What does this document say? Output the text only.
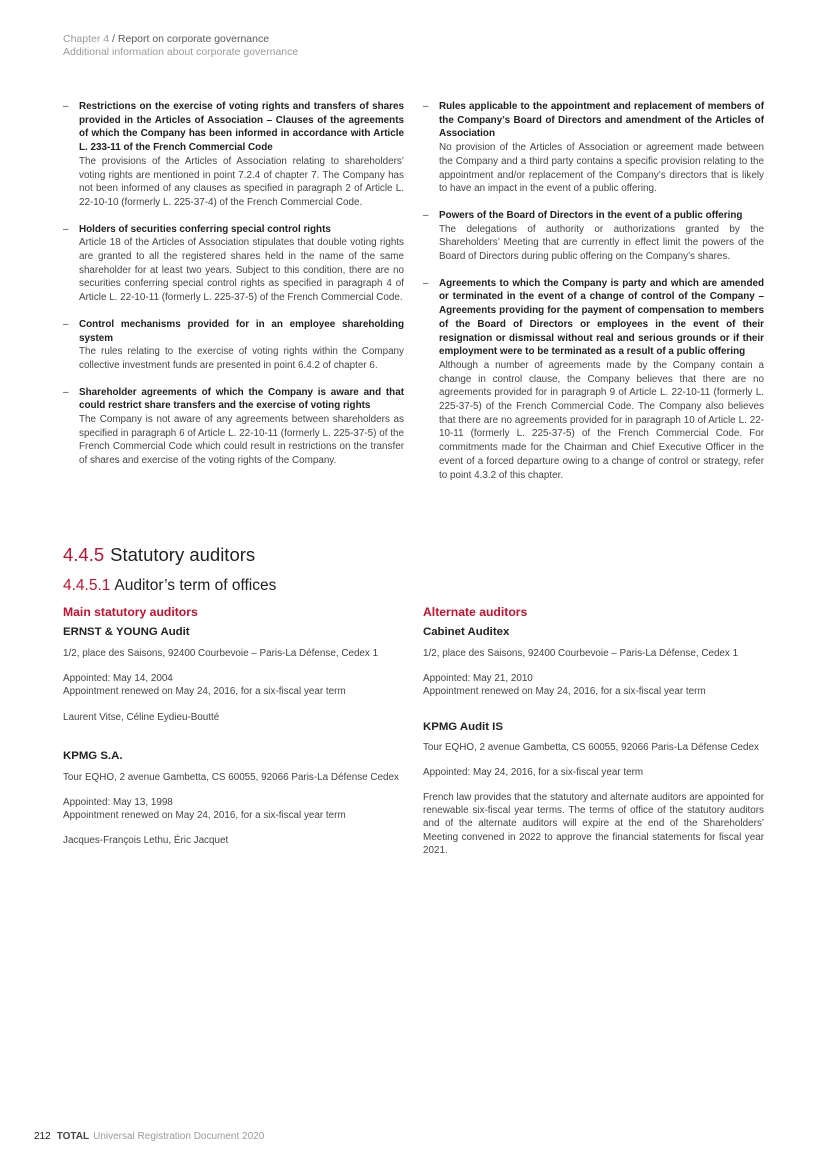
Chapter 4 / Report on corporate governance
Additional information about corporate governance
– Restrictions on the exercise of voting rights and transfers of shares provided in the Articles of Association – Clauses of the agreements of which the Company has been informed in accordance with Article L. 233-11 of the French Commercial Code
The provisions of the Articles of Association relating to shareholders’ voting rights are mentioned in point 7.2.4 of chapter 7. The Company has not been informed of any clauses as specified in paragraph 2 of Article L. 22-10-10 (formerly L. 225-37-4) of the French Commercial Code.
– Holders of securities conferring special control rights
Article 18 of the Articles of Association stipulates that double voting rights are granted to all the registered shares held in the name of the same shareholder for at least two years. Subject to this condition, there are no securities conferring special control rights as specified in paragraph 4 of Article L. 22-10-11 (formerly L. 225-37-5) of the French Commercial Code.
– Control mechanisms provided for in an employee shareholding system
The rules relating to the exercise of voting rights within the Company collective investment funds are presented in point 6.4.2 of chapter 6.
– Shareholder agreements of which the Company is aware and that could restrict share transfers and the exercise of voting rights
The Company is not aware of any agreements between shareholders as specified in paragraph 6 of Article L. 22-10-11 (formerly L. 225-37-5) of the French Commercial Code which could result in restrictions on the transfer of shares and exercise of the voting rights of the Company.
– Rules applicable to the appointment and replacement of members of the Company’s Board of Directors and amendment of the Articles of Association
No provision of the Articles of Association or agreement made between the Company and a third party contains a specific provision relating to the appointment and/or replacement of the Company’s directors that is likely to have an impact in the event of a public offering.
– Powers of the Board of Directors in the event of a public offering
The delegations of authority or authorizations granted by the Shareholders’ Meeting that are currently in effect limit the powers of the Board of Directors during public offering on the Company’s shares.
– Agreements to which the Company is party and which are amended or terminated in the event of a change of control of the Company – Agreements providing for the payment of compensation to members of the Board of Directors or employees in the event of their resignation or dismissal without real and serious grounds or if their employment were to be terminated as a result of a public offering
Although a number of agreements made by the Company contain a change in control clause, the Company believes that there are no agreements provided for in paragraph 9 of Article L. 22-10-11 (formerly L. 225-37-5) of the French Commercial Code. The Company also believes that there are no agreements provided for in paragraph 10 of Article L. 22-10-11 (formerly L. 225-37-5) of the French Commercial Code. For commitments made for the Chairman and Chief Executive Officer in the event of a forced departure owing to a change of control or strategy, refer to point 4.3.2 of this chapter.
4.4.5 Statutory auditors
4.4.5.1 Auditor’s term of offices
Main statutory auditors
ERNST & YOUNG Audit

1/2, place des Saisons, 92400 Courbevoie – Paris-La Défense, Cedex 1

Appointed: May 14, 2004

Appointment renewed on May 24, 2016, for a six-fiscal year term

Laurent Vitse, Céline Eydieu-Boutté

KPMG S.A.

Tour EQHO, 2 avenue Gambetta, CS 60055, 92066 Paris-La Défense Cedex

Appointed: May 13, 1998

Appointment renewed on May 24, 2016, for a six-fiscal year term

Jacques-François Lethu, Éric Jacquet

Alternate auditors
Cabinet Auditex

1/2, place des Saisons, 92400 Courbevoie – Paris-La Défense, Cedex 1

Appointed: May 21, 2010

Appointment renewed on May 24, 2016, for a six-fiscal year term

KPMG Audit IS

Tour EQHO, 2 avenue Gambetta, CS 60055, 92066 Paris-La Défense Cedex

Appointed: May 24, 2016, for a six-fiscal year term

French law provides that the statutory and alternate auditors are appointed for renewable six-fiscal year terms. The terms of office of the statutory auditors and of the alternate auditors will expire at the end of the Shareholders’ Meeting convened in 2022 to approve the financial statements for fiscal year 2021.

212 TOTAL Universal Registration Document 2020
